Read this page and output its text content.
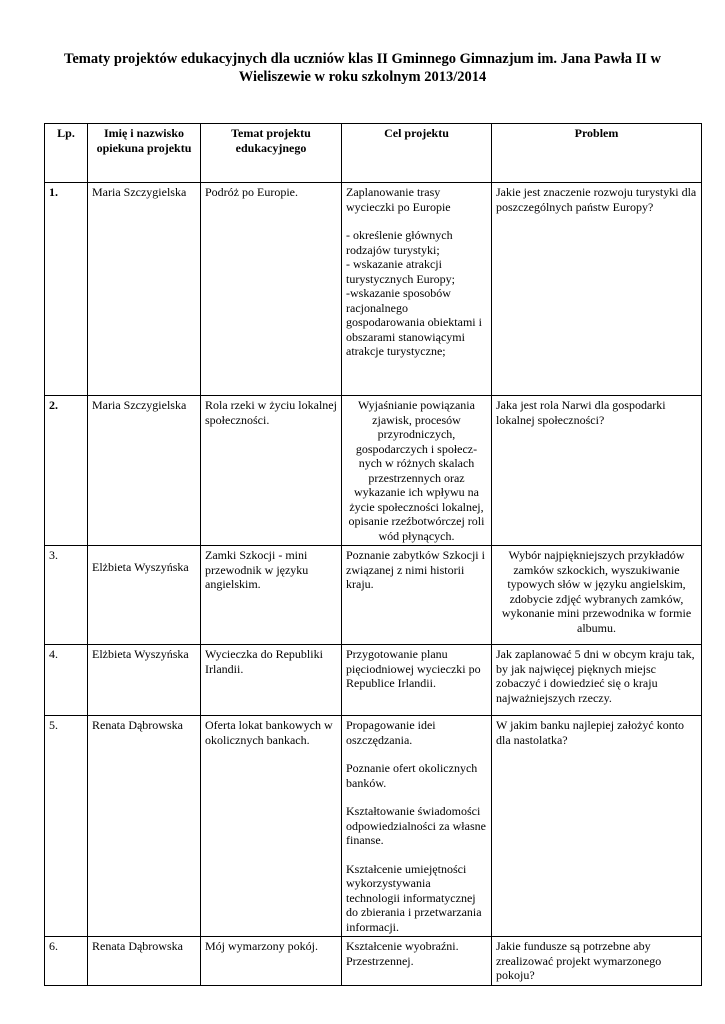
Tematy projektów edukacyjnych dla uczniów klas II Gminnego Gimnazjum im. Jana Pawła II w
Wieliszewie w roku szkolnym 2013/2014
Lp.	Imię i nazwisko opiekuna projektu	Temat projektu edukacyjnego	Cel projektu	Problem
1.	Maria Szczygielska	Podróż po Europie.	Zaplanowanie trasy wycieczki po Europie

- określenie głównych rodzajów turystyki;
- wskazanie atrakcji turystycznych Europy;
-wskazanie sposobów racjonalnego gospodarowania obiektami i obszarami stanowiącymi atrakcje turystyczne;	Jakie jest znaczenie rozwoju turystyki dla poszczególnych państw Europy?
2.	Maria Szczygielska	Rola rzeki w życiu lokalnej społeczności.	Wyjaśnianie powiązania zjawisk, procesów przyrodniczych, gospodarczych i społecz-nych w różnych skalach przestrzennych oraz wykazanie ich wpływu na życie społeczności lokalnej, opisanie rzeźbotwórczej roli wód płynących.	Jaka jest rola Narwi dla gospodarki lokalnej społeczności?
3.	Elżbieta Wyszyńska	Zamki Szkocji - mini przewodnik w języku angielskim.	Poznanie zabytków Szkocji i związanej z nimi historii kraju.	Wybór najpiękniejszych przykładów zamków szkockich, wyszukiwanie typowych słów w języku angielskim, zdobycie zdjęć wybranych zamków, wykonanie mini przewodnika w formie albumu.
4.	Elżbieta Wyszyńska	Wycieczka do Republiki Irlandii.	Przygotowanie planu pięciodniowej wycieczki po Republice Irlandii.	Jak zaplanować 5 dni w obcym kraju tak, by jak najwięcej pięknych miejsc zobaczyć i dowiedzieć się o kraju najważniejszych rzeczy.
5.	Renata Dąbrowska	Oferta lokat bankowych w okolicznych bankach.	Propagowanie idei oszczędzania.

Poznanie ofert okolicznych banków.

Kształtowanie świadomości odpowiedzialności za własne finanse.

Kształcenie umiejętności wykorzystywania technologii informatycznej do zbierania i przetwarzania informacji.	W jakim banku najlepiej założyć konto dla nastolatka?
6.	Renata Dąbrowska	Mój wymarzony pokój.	Kształcenie wyobraźni. Przestrzennej.	Jakie fundusze są potrzebne aby zrealizować projekt wymarzonego pokoju?
